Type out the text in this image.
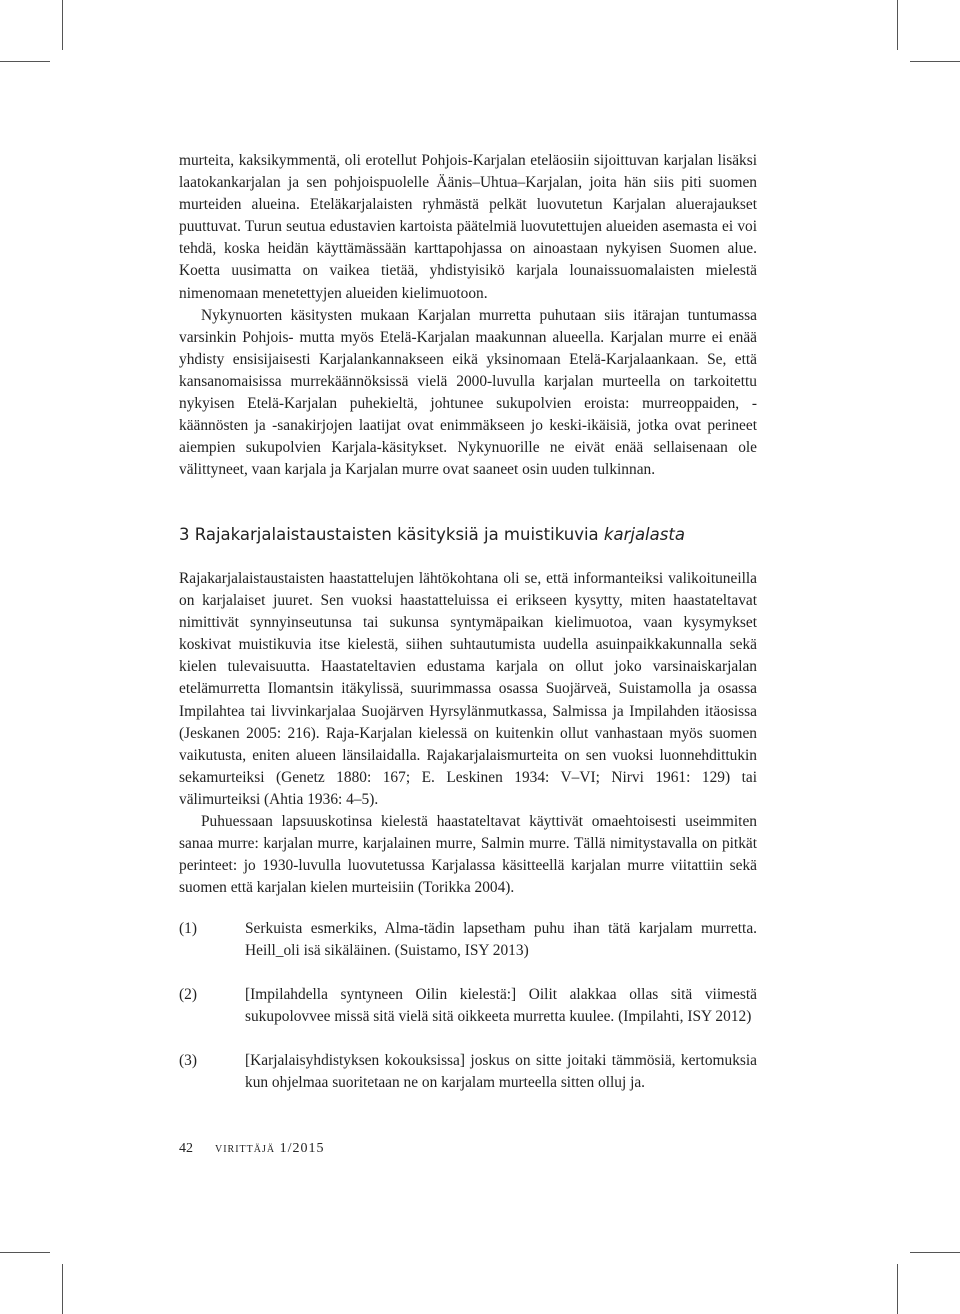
murteita, kaksikymmentä, oli erotellut Pohjois-Karjalan eteläosiin sijoittuvan karjalan lisäksi laatokankarjalan ja sen pohjoispuolelle Äänis–Uhtua–Karjalan, joita hän siis piti suomen murteiden alueina. Eteläkarjalaisten ryhmästä pelkät luovutetun Karjalan aluerajaukset puuttuvat. Turun seutua edustavien kartoista päätelmiä luovutettujen alueiden asemasta ei voi tehdä, koska heidän käyttämässään karttapohjassa on ainoastaan nykyisen Suomen alue. Koetta uusimatta on vaikea tietää, yhdistyisikö karjala lounaissuomalaisten mielestä nimenomaan menetettyjen alueiden kielimuotoon.

Nykynuorten käsitysten mukaan Karjalan murretta puhutaan siis itärajan tuntumassa varsinkin Pohjois- mutta myös Etelä-Karjalan maakunnan alueella. Karjalan murre ei enää yhdisty ensisijaisesti Karjalankannakseen eikä yksinomaan Etelä-Karjalaankaan. Se, että kansanomaisissa murrekäännöksissä vielä 2000-luvulla karjalan murteella on tarkoitettu nykyisen Etelä-Karjalan puhekieltä, johtunee sukupolvien eroista: murreoppaiden, -käännösten ja -sanakirjojen laatijat ovat enimmäkseen jo keski-ikäisiä, jotka ovat perineet aiempien sukupolvien Karjala-käsitykset. Nykynuorille ne eivät enää sellaisenaan ole välittyneet, vaan karjala ja Karjalan murre ovat saaneet osin uuden tulkinnan.

3 Rajakarjalaistaustaisten käsityksiä ja muistikuvia karjalasta

Rajakarjalaistaustaisten haastattelujen lähtökohtana oli se, että informanteiksi valikoituneilla on karjalaiset juuret. Sen vuoksi haastatteluissa ei erikseen kysytty, miten haastateltavat nimittivät synnyinseutunsa tai sukunsa syntymäpaikan kielimuotoa, vaan kysymykset koskivat muistikuvia itse kielestä, siihen suhtautumista uudella asuinpaikkakunnalla sekä kielen tulevaisuutta. Haastateltavien edustama karjala on ollut joko varsinaiskarjalan etelämurretta Ilomantsin itäkylissä, suurimmassa osassa Suojärveä, Suistamolla ja osassa Impilahtea tai livvinkarjalaa Suojärven Hyrsylänmutkassa, Salmissa ja Impilahden itäosissa (Jeskanen 2005: 216). Raja-Karjalan kielessä on kuitenkin ollut vanhastaan myös suomen vaikutusta, eniten alueen länsilaidalla. Rajakarjalaismurteita on sen vuoksi luonnehdittukin sekamurteiksi (Genetz 1880: 167; E. Leskinen 1934: V–VI; Nirvi 1961: 129) tai välimurteiksi (Ahtia 1936: 4–5).

Puhuessaan lapsuuskotinsa kielestä haastateltavat käyttivät omaehtoisesti useimmiten sanaa murre: karjalan murre, karjalainen murre, Salmin murre. Tällä nimitystavalla on pitkät perinteet: jo 1930-luvulla luovutetussa Karjalassa käsitteellä karjalan murre viitattiin sekä suomen että karjalan kielen murteisiin (Torikka 2004).

(1)	Serkuista esmerkiks, Alma-tädin lapsetham puhu ihan tätä karjalam murretta. Heill_oli isä sikäläinen. (Suistamo, ISY 2013)
(2)	[Impilahdella syntyneen Oilin kielestä:] Oilit alakkaa ollas sitä viimestä sukupolovvee missä sitä vielä sitä oikkeeta murretta kuulee. (Impilahti, ISY 2012)
(3)	[Karjalaisyhdistyksen kokouksissa] joskus on sitte joitaki tämmösiä, kertomuksia kun ohjelmaa suoritetaan ne on karjalam murteella sitten olluj ja.
42 virittäjä 1/2015
